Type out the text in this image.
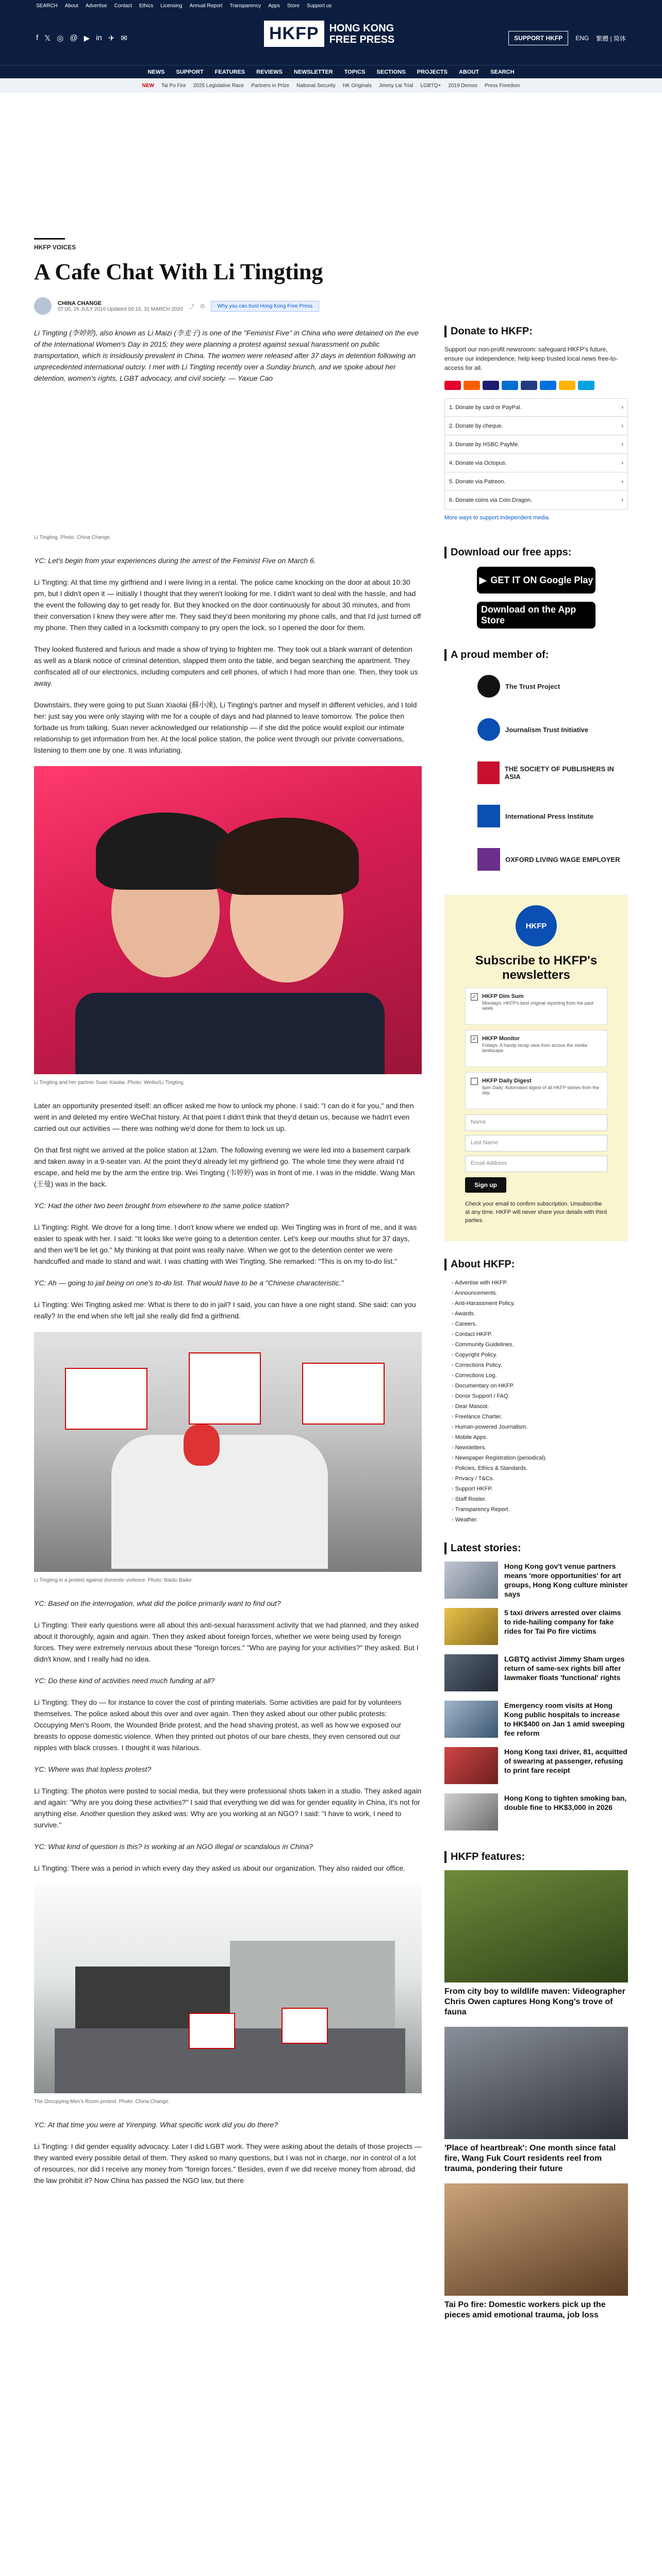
SEARCH About Advertise Contact Ethics Licensing Annual Report Transparency Apps Store Support us
f 𝕏 ◎ @ ▶ in ✈ ✉	HKFP	HONG KONG
FREE PRESS	SUPPORT HKFP	ENG 繁體 | 简体
NEWS SUPPORT FEATURES REVIEWS NEWSLETTER TOPICS SECTIONS PROJECTS ABOUT SEARCH
NEW Tai Po Fire 2025 Legislative Race Partners in Prize National Security HK Originals Jimmy Lai Trial LGBTQ+ 2019 Demos Press Freedom
HKFP VOICES
A Cafe Chat With Li Tingting
CHINA CHANGE
07:00, 26 JULY 2016 Updated 00:15, 31 MARCH 2020 ⤴ ⎙	Why you can trust Hong Kong Free Press

Li Tingting (李婷婷), also known as Li Maizi (李麦子) is one of the "Feminist Five" in China who were detained on the eve of the International Women's Day in 2015; they were planning a protest against sexual harassment on public transportation, which is insidiously prevalent in China. The women were released after 37 days in detention following an unprecedented international outcry. I met with Li Tingting recently over a Sunday brunch, and we spoke about her detention, women's rights, LGBT advocacy, and civil society. — Yaxue Cao

Li Tingting. Photo: China Change.

YC: Let's begin from your experiences during the arrest of the Feminist Five on March 6.

Li Tingting: At that time my girlfriend and I were living in a rental. The police came knocking on the door at about 10:30 pm, but I didn't open it — initially I thought that they weren't looking for me. I didn't want to deal with the hassle, and had the event the following day to get ready for. But they knocked on the door continuously for about 30 minutes, and from their conversation I knew they were after me. They said they'd been monitoring my phone calls, and that I'd just turned off my phone. Then they called in a locksmith company to pry open the lock, so I opened the door for them.

They looked flustered and furious and made a show of trying to frighten me. They took out a blank warrant of detention as well as a blank notice of criminal detention, slapped them onto the table, and began searching the apartment. They confiscated all of our electronics, including computers and cell phones, of which I had more than one. Then, they took us away.

Downstairs, they were going to put Suan Xiaolai (蘇小淶), Li Tingting's partner and myself in different vehicles, and I told her: just say you were only staying with me for a couple of days and had planned to leave tomorrow. The police then forbade us from talking. Suan never acknowledged our relationship — if she did the police would exploit our intimate relationship to get information from her. At the local police station, the police went through our private conversations, listening to them one by one. It was infuriating.

Li Tingting and her partner Suan Xiaolai. Photo: Weibo/Li Tingting.

Later an opportunity presented itself: an officer asked me how to unlock my phone. I said: "I can do it for you," and then went in and deleted my entire WeChat history. At that point I didn't think that they'd detain us, because we hadn't even carried out our activities — there was nothing we'd done for them to lock us up.

On that first night we arrived at the police station at 12am. The following evening we were led into a basement carpark and taken away in a 9-seater van. At the point they'd already let my girlfriend go. The whole time they were afraid I'd escape, and held me by the arm the entire trip. Wei Tingting (韦婷婷) was in front of me. I was in the middle. Wang Man (王曼) was in the back.

YC: Had the other two been brought from elsewhere to the same police station?

Li Tingting: Right. We drove for a long time. I don't know where we ended up. Wei Tingting was in front of me, and it was easier to speak with her. I said: "It looks like we're going to a detention center. Let's keep our mouths shut for 37 days, and then we'll be let go." My thinking at that point was really naive. When we got to the detention center we were handcuffed and made to stand and wait. I was chatting with Wei Tingting. She remarked: "This is on my to-do list."

YC: Ah — going to jail being on one's to-do list. That would have to be a "Chinese characteristic."

Li Tingting: Wei Tingting asked me: What is there to do in jail? I said, you can have a one night stand. She said: can you really? In the end when she left jail she really did find a girlfriend.

Li Tingting in a protest against domestic violence. Photo: Baidu Baike.

YC: Based on the interrogation, what did the police primarily want to find out?

Li Tingting: Their early questions were all about this anti-sexual harassment activity that we had planned, and they asked about it thoroughly, again and again. Then they asked about foreign forces, whether we were being used by foreign forces. They were extremely nervous about these "foreign forces." "Who are paying for your activities?" they asked. But I didn't know, and I really had no idea.

YC: Do these kind of activities need much funding at all?

Li Tingting: They do — for instance to cover the cost of printing materials. Some activities are paid for by volunteers themselves. The police asked about this over and over again. Then they asked about our other public protests: Occupying Men's Room, the Wounded Bride protest, and the head shaving protest, as well as how we exposed our breasts to oppose domestic violence. When they printed out photos of our bare chests, they even censored out our nipples with black crosses. I thought it was hilarious.

YC: Where was that topless protest?

Li Tingting: The photos were posted to social media, but they were professional shots taken in a studio. They asked again and again: "Why are you doing these activities?" I said that everything we did was for gender equality in China, it's not for anything else. Another question they asked was: Why are you working at an NGO? I said: "I have to work, I need to survive."

YC: What kind of question is this? Is working at an NGO illegal or scandalous in China?

Li Tingting: There was a period in which every day they asked us about our organization. They also raided our office.

The Occupying Men's Room protest. Photo: China Change.

YC: At that time you were at Yirenping. What specific work did you do there?

Li Tingting: I did gender equality advocacy. Later I did LGBT work. They were asking about the details of those projects — they wanted every possible detail of them. They asked so many questions, but I was not in charge, nor in control of a lot of resources, nor did I receive any money from "foreign forces." Besides, even if we did receive money from abroad, did the law prohibit it? Now China has passed the NGO law, but there

Donate to HKFP:

Support our non-profit newsroom: safeguard HKFP's future, ensure our independence, help keep trusted local news free-to-access for all.

1. Donate by card or PayPal.	›
2. Donate by cheque.	›
3. Donate by HSBC PayMe.	›
4. Donate via Octopus.	›
5. Donate via Patreon.	›
6. Donate coins via Coin Dragon.	›
More ways to support independent media.
Download our free apps:
▶ GET IT ON Google Play
Download on the App Store
A proud member of:
The Trust Project
Journalism Trust Initiative
THE SOCIETY OF PUBLISHERS IN ASIA
International Press Institute
OXFORD LIVING WAGE EMPLOYER
HKFP
Subscribe to HKFP's newsletters
✓ HKFP Dim Sum
Mondays: HKFP's best original reporting from the past week.
✓ HKFP Monitor
Fridays: A handy recap view from across the media landscape.
HKFP Daily Digest
6pm Daily: Automated digest of all HKFP stories from the day.
Name
Last Name
Email Address
Sign up
Check your email to confirm subscription. Unsubscribe at any time. HKFP will never share your details with third parties.
About HKFP:
› Advertise with HKFP.
› Announcements.
› Anti-Harassment Policy.
› Awards.
› Careers.
› Contact HKFP.
› Community Guidelines.
› Copyright Policy.
› Corrections Policy.
› Corrections Log.
› Documentary on HKFP.
› Donor Support / FAQ.
› Dear Mascot.
› Freelance Charter.
› Human-powered Journalism.
› Mobile Apps.
› Newsletters.
› Newspaper Registration (periodical).
› Policies, Ethics & Standards.
› Privacy / T&Cs.
› Support HKFP.
› Staff Roster.
› Transparency Report.
› Weather.
Latest stories:
Hong Kong gov't venue partners means 'more opportunities' for art groups, Hong Kong culture minister says
5 taxi drivers arrested over claims to ride-hailing company for fake rides for Tai Po fire victims
LGBTQ activist Jimmy Sham urges return of same-sex rights bill after lawmaker floats 'functional' rights
Emergency room visits at Hong Kong public hospitals to increase to HK$400 on Jan 1 amid sweeping fee reform
Hong Kong taxi driver, 81, acquitted of swearing at passenger, refusing to print fare receipt
Hong Kong to tighten smoking ban, double fine to HK$3,000 in 2026
HKFP features:
From city boy to wildlife maven: Videographer Chris Owen captures Hong Kong's trove of fauna
'Place of heartbreak': One month since fatal fire, Wang Fuk Court residents reel from trauma, pondering their future
Tai Po fire: Domestic workers pick up the pieces amid emotional trauma, job loss
